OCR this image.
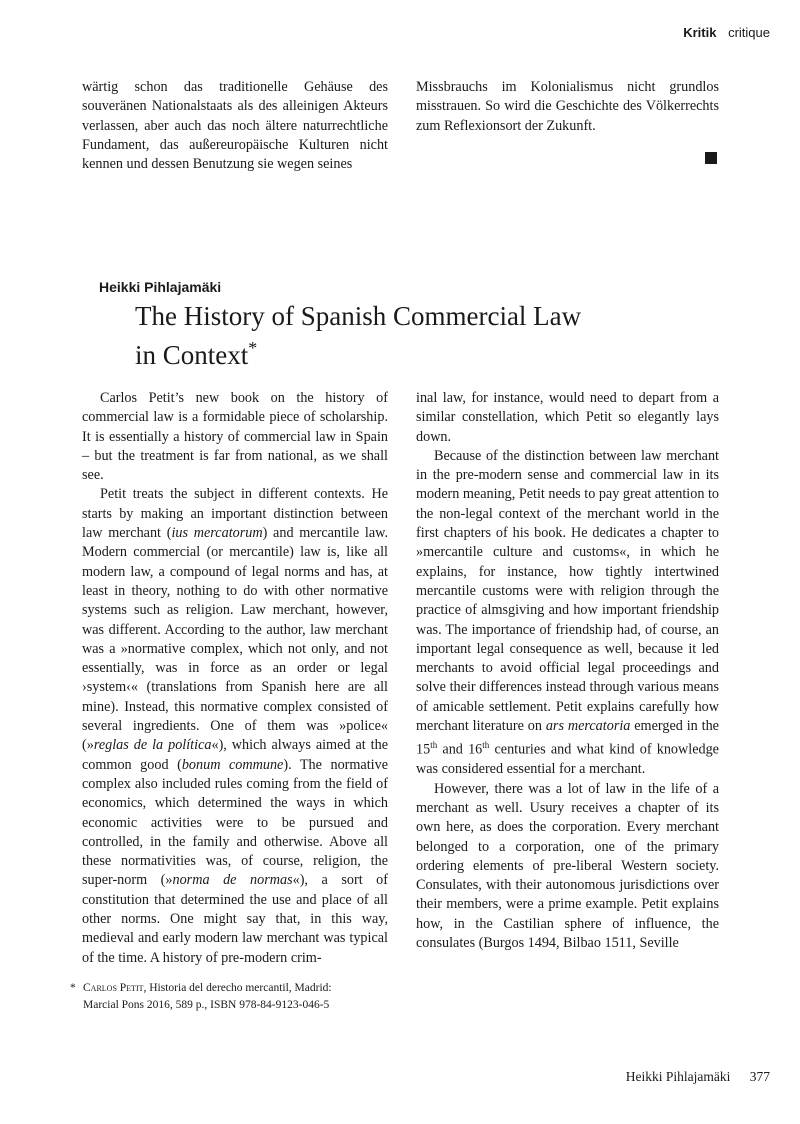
Kritik critique

wärtig schon das traditionelle Gehäuse des souveränen Nationalstaats als des alleinigen Akteurs verlassen, aber auch das noch ältere naturrechtliche Fundament, das außereuropäische Kulturen nicht kennen und dessen Benutzung sie wegen seines

Missbrauchs im Kolonialismus nicht grundlos misstrauen. So wird die Geschichte des Völkerrechts zum Reflexionsort der Zukunft.

Heikki Pihlajamäki
The History of Spanish Commercial Law
in Context*

Carlos Petit’s new book on the history of commercial law is a formidable piece of scholarship. It is essentially a history of commercial law in Spain – but the treatment is far from national, as we shall see.

Petit treats the subject in different contexts. He starts by making an important distinction between law merchant (ius mercatorum) and mercantile law. Modern commercial (or mercantile) law is, like all modern law, a compound of legal norms and has, at least in theory, nothing to do with other normative systems such as religion. Law merchant, however, was different. According to the author, law merchant was a »normative complex, which not only, and not essentially, was in force as an order or legal ›system‹« (translations from Spanish here are all mine). Instead, this normative complex consisted of several ingredients. One of them was »police« (»reglas de la política«), which always aimed at the common good (bonum commune). The normative complex also included rules coming from the field of economics, which determined the ways in which economic activities were to be pursued and controlled, in the family and otherwise. Above all these normativities was, of course, religion, the super-norm (»norma de normas«), a sort of constitution that determined the use and place of all other norms. One might say that, in this way, medieval and early modern law merchant was typical of the time. A history of pre-modern crim-

inal law, for instance, would need to depart from a similar constellation, which Petit so elegantly lays down.

Because of the distinction between law merchant in the pre-modern sense and commercial law in its modern meaning, Petit needs to pay great attention to the non-legal context of the merchant world in the first chapters of his book. He dedicates a chapter to »mercantile culture and customs«, in which he explains, for instance, how tightly intertwined mercantile customs were with religion through the practice of almsgiving and how important friendship was. The importance of friendship had, of course, an important legal consequence as well, because it led merchants to avoid official legal proceedings and solve their differences instead through various means of amicable settlement. Petit explains carefully how merchant literature on ars mercatoria emerged in the 15th and 16th centuries and what kind of knowledge was considered essential for a merchant.

However, there was a lot of law in the life of a merchant as well. Usury receives a chapter of its own here, as does the corporation. Every merchant belonged to a corporation, one of the primary ordering elements of pre-liberal Western society. Consulates, with their autonomous jurisdictions over their members, were a prime example. Petit explains how, in the Castilian sphere of influence, the consulates (Burgos 1494, Bilbao 1511, Seville

* Carlos Petit, Historia del derecho mercantil, Madrid: Marcial Pons 2016, 589 p., ISBN 978-84-9123-046-5
Heikki Pihlajamäki 377
